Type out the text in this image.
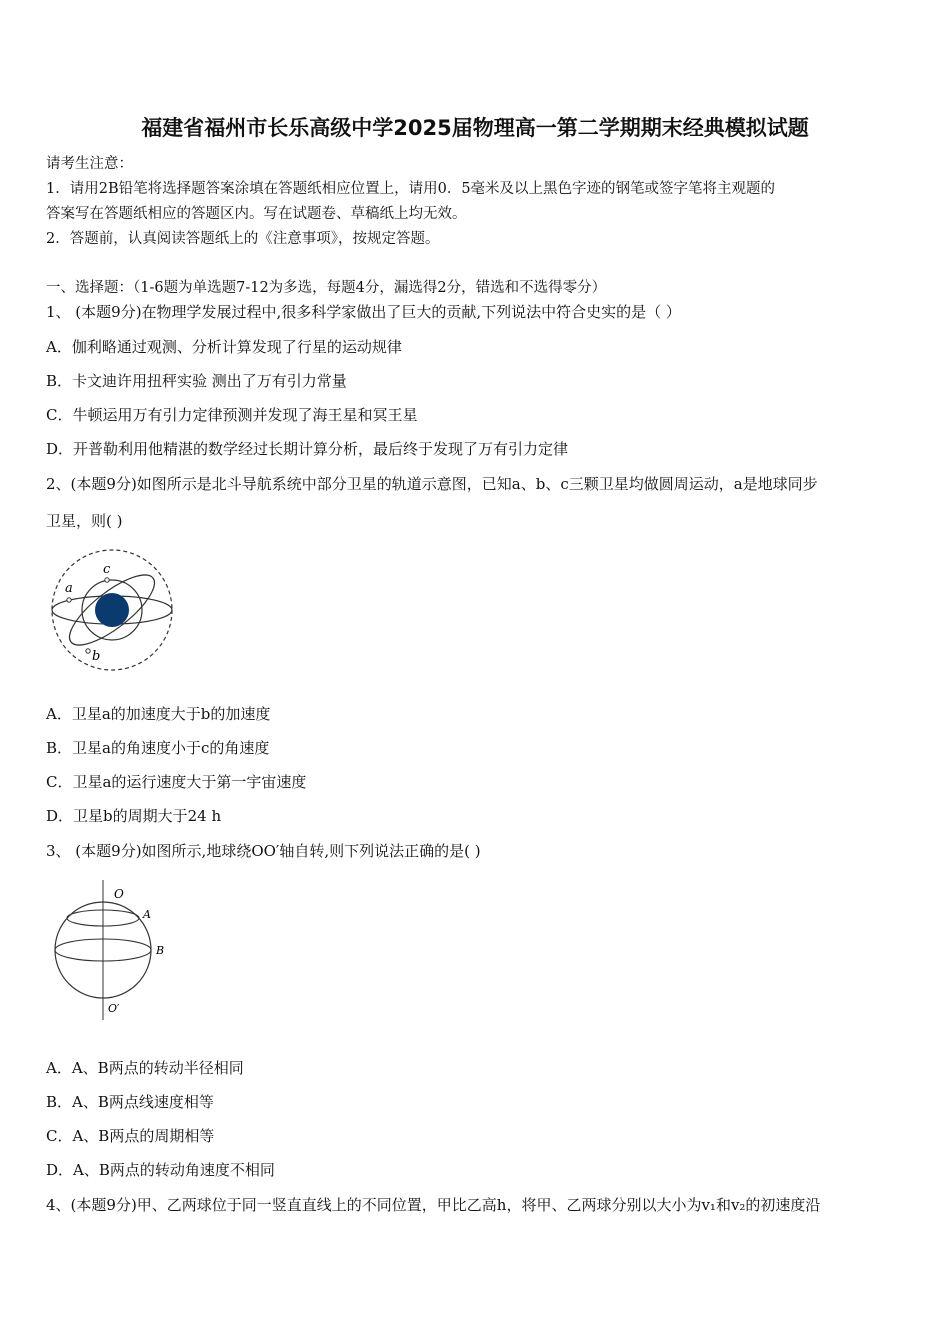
福建省福州市长乐高级中学2025届物理高一第二学期期末经典模拟试题
请考生注意：
1．请用2B铅笔将选择题答案涂填在答题纸相应位置上，请用0．5毫米及以上黑色字迹的钢笔或签字笔将主观题的
答案写在答题纸相应的答题区内。写在试题卷、草稿纸上均无效。
2．答题前，认真阅读答题纸上的《注意事项》，按规定答题。
一、选择题：（1-6题为单选题7-12为多选，每题4分，漏选得2分，错选和不选得零分）
1、 (本题9分)在物理学发展过程中,很多科学家做出了巨大的贡献,下列说法中符合史实的是（ ）
A．伽利略通过观测、分析计算发现了行星的运动规律
B．卡文迪许用扭秤实验 测出了万有引力常量
C．牛顿运用万有引力定律预测并发现了海王星和冥王星
D．开普勒利用他精湛的数学经过长期计算分析，最后终于发现了万有引力定律
2、(本题9分)如图所示是北斗导航系统中部分卫星的轨道示意图，已知a、b、c三颗卫星均做圆周运动，a是地球同步
卫星，则( )
c
a
b
A．卫星a的加速度大于b的加速度
B．卫星a的角速度小于c的角速度
C．卫星a的运行速度大于第一宇宙速度
D．卫星b的周期大于24 h
3、 (本题9分)如图所示,地球绕OO′轴自转,则下列说法正确的是( )
O
A
B
O′
A．A、B两点的转动半径相同
B．A、B两点线速度相等
C．A、B两点的周期相等
D．A、B两点的转动角速度不相同
4、(本题9分)甲、乙两球位于同一竖直直线上的不同位置，甲比乙高h，将甲、乙两球分别以大小为v₁和v₂的初速度沿
